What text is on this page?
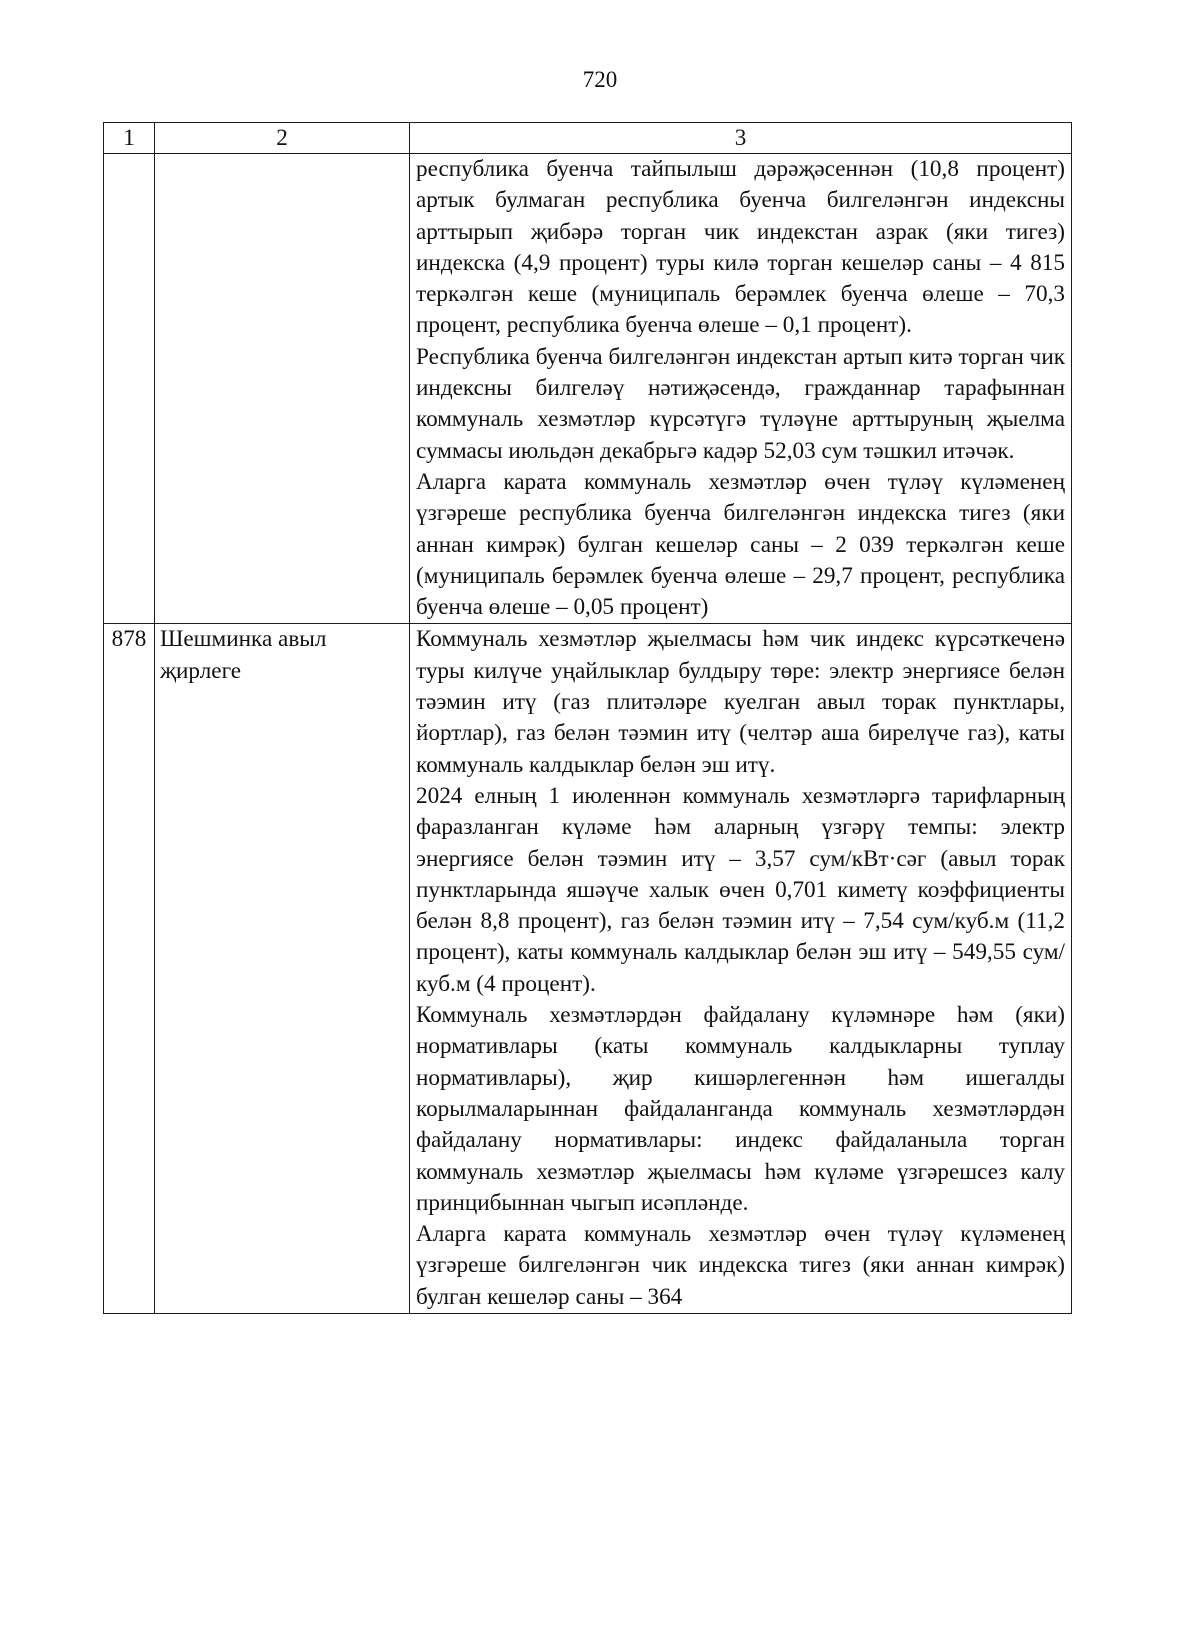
720
1	2	3

		республика буенча тайпылыш дәрәҗәсеннән (10,8 процент) артык булмаган республика буенча билгеләнгән индексны арттырып җибәрә торган чик индекстан азрак (яки тигез) индекска (4,9 процент) туры килә торган кешеләр саны – 4 815 теркәлгән кеше (муниципаль берәмлек буенча өлеше – 70,3 процент, республика буенча өлеше – 0,1 процент).

Республика буенча билгеләнгән индекстан артып китә торган чик индексны билгеләү нәтиҗәсендә, гражданнар тарафыннан коммуналь хезмәтләр күрсәтүгә түләүне арттыруның җыелма суммасы июльдән декабрьгә кадәр 52,03 сум тәшкил итәчәк.

Аларга карата коммуналь хезмәтләр өчен түләү күләменең үзгәреше республика буенча билгеләнгән индекска тигез (яки аннан кимрәк) булган кешеләр саны – 2 039 теркәлгән кеше (муниципаль берәмлек буенча өлеше – 29,7 процент, республика буенча өлеше – 0,05 процент)

878	Шешминка авыл җирлеге	Коммуналь хезмәтләр җыелмасы һәм чик индекс күрсәткеченә туры килүче уңайлыклар булдыру төре: электр энергиясе белән тәэмин итү (газ плитәләре куелган авыл торак пунктлары, йортлар), газ белән тәэмин итү (челтәр аша бирелүче газ), каты коммуналь калдыклар белән эш итү.

2024 елның 1 июленнән коммуналь хезмәтләргә тарифларның фаразланган күләме һәм аларның үзгәрү темпы: электр энергиясе белән тәэмин итү – 3,57 сум/кВт·сәг (авыл торак пунктларында яшәүче халык өчен 0,701 киметү коэффициенты белән 8,8 процент), газ белән тәэмин итү – 7,54 сум/куб.м (11,2 процент), каты коммуналь калдыклар белән эш итү – 549,55 сум/куб.м (4 процент).

Коммуналь хезмәтләрдән файдалану күләмнәре һәм (яки) нормативлары (каты коммуналь калдыкларны туплау нормативлары), җир кишәрлегеннән һәм ишегалды корылмаларыннан файдаланганда коммуналь хезмәтләрдән файдалану нормативлары: индекс файдаланыла торган коммуналь хезмәтләр җыелмасы һәм күләме үзгәрешсез калу принцибыннан чыгып исәпләнде.

Аларга карата коммуналь хезмәтләр өчен түләү күләменең үзгәреше билгеләнгән чик индекска тигез (яки аннан кимрәк) булган кешеләр саны – 364
